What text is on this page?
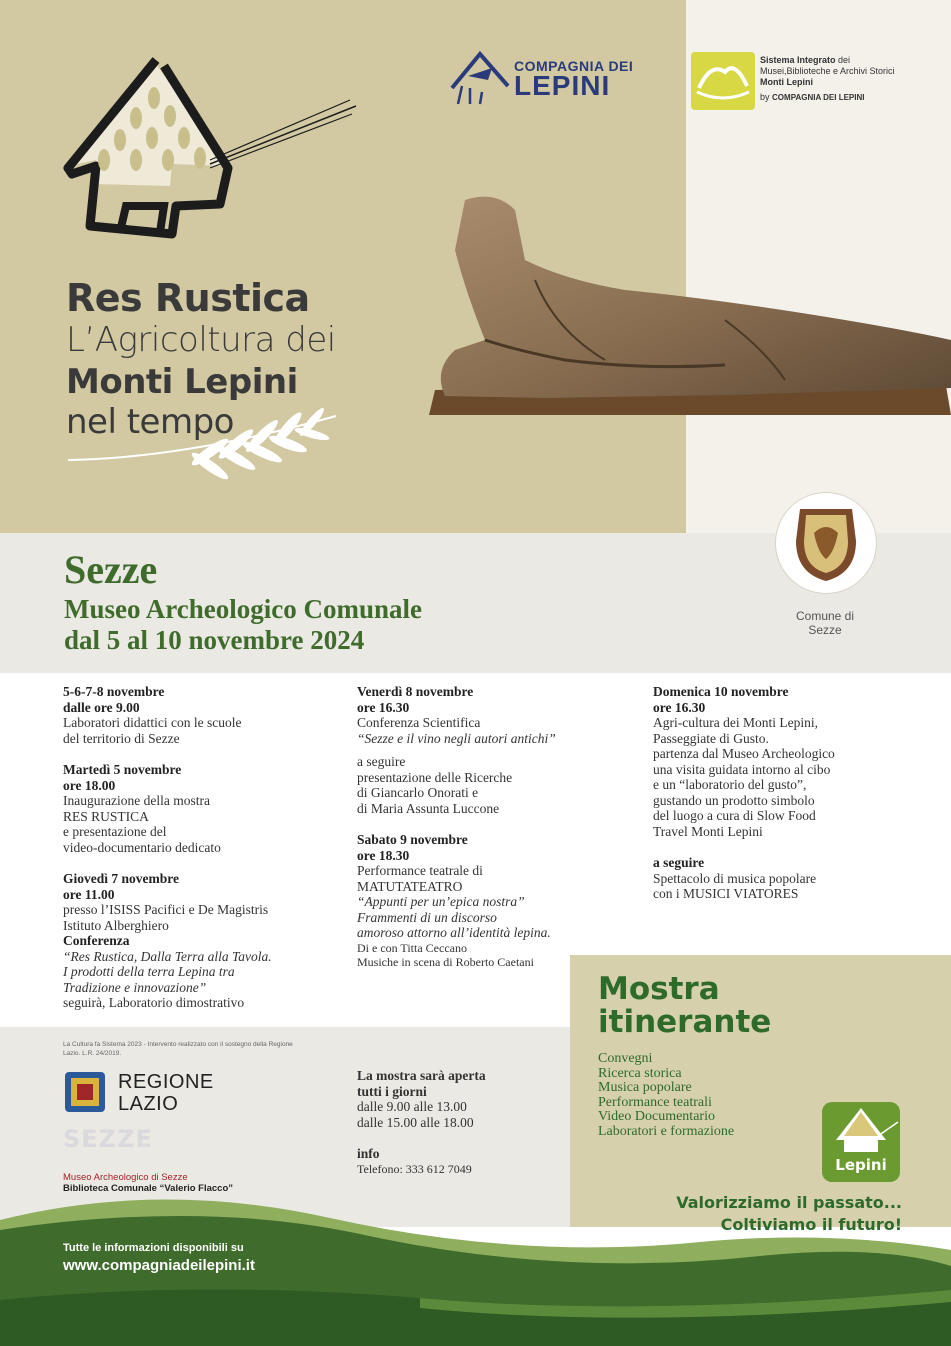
COMPAGNIA DEI
LEPINI
Sistema Integrato dei
Musei,Biblioteche e Archivi Storici
Monti Lepini
by COMPAGNIA DEI LEPINI
Res Rustica
L’Agricoltura dei
Monti Lepini
nel tempo
Sezze
Museo Archeologico Comunale
dal 5 al 10 novembre 2024
Comune di
Sezze
5-6-7-8 novembre
dalle ore 9.00
Laboratori didattici con le scuole
del territorio di Sezze
Martedì 5 novembre
ore 18.00
Inaugurazione della mostra
RES RUSTICA
e presentazione del
video-documentario dedicato
Giovedì 7 novembre
ore 11.00
presso l’ISISS Pacifici e De Magistris
Istituto Alberghiero
Conferenza
“Res Rustica, Dalla Terra alla Tavola.
I prodotti della terra Lepina tra
Tradizione e innovazione”
seguirà, Laboratorio dimostrativo
Venerdì 8 novembre
ore 16.30
Conferenza Scientifica
“Sezze e il vino negli autori antichi”
a seguire
presentazione delle Ricerche
di Giancarlo Onorati e
di Maria Assunta Luccone
Sabato 9 novembre
ore 18.30
Performance teatrale di
MATUTATEATRO
“Appunti per un’epica nostra”
Frammenti di un discorso
amoroso attorno all’identità lepina.
Di e con Titta Ceccano
Musiche in scena di Roberto Caetani
Domenica 10 novembre
ore 16.30
Agri-cultura dei Monti Lepini,
Passeggiate di Gusto.
partenza dal Museo Archeologico
una visita guidata intorno al cibo
e un “laboratorio del gusto”,
gustando un prodotto simbolo
del luogo a cura di Slow Food
Travel Monti Lepini
a seguire
Spettacolo di musica popolare
con i MUSICI VIATORES
La Cultura fa Sistema 2023 - Intervento realizzato con il sostegno della Regione Lazio. L.R. 24/2019.
REGIONE
LAZIO
SEZZE
Museo Archeologico di Sezze
Biblioteca Comunale “Valerio Flacco”
La mostra sarà aperta
tutti i giorni
dalle 9.00 alle 13.00
dalle 15.00 alle 18.00
info
Telefono: 333 612 7049
Mostra
itinerante
Convegni
Ricerca storica
Musica popolare
Performance teatrali
Video Documentario
Laboratori e formazione
Lepini
Valorizziamo il passato...
Coltiviamo il futuro!
Tutte le informazioni disponibili su
www.compagniadeilepini.it
